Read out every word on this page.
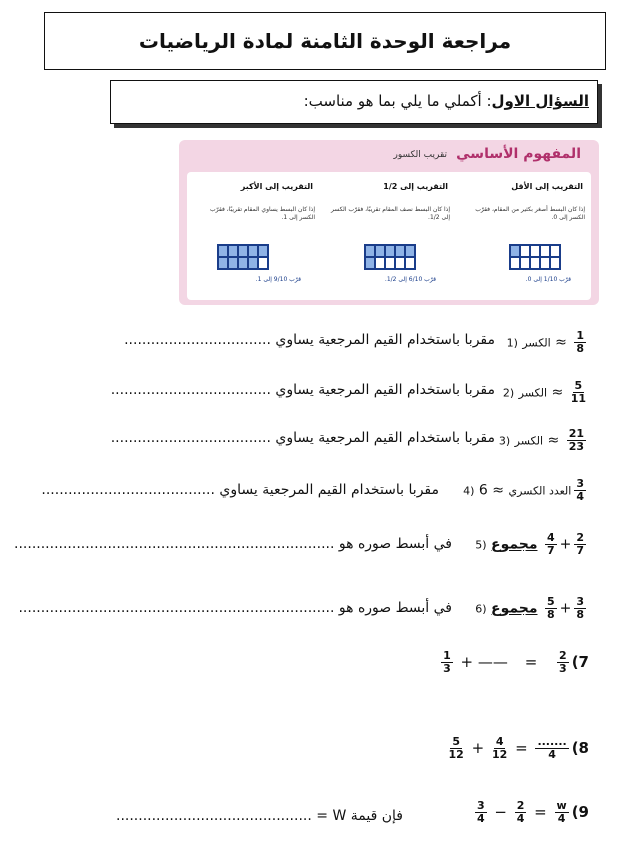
مراجعة الوحدة الثامنة لمادة الرياضيات
السؤال الاول: أكملي ما يلي بما هو مناسب:
المفهوم الأساسي
تقريب الكسور
التقريب إلى الأقل
إذا كان البسط أصغر بكثير من المقام، فقرّب الكسر إلى 0.
قرّب 1/10 إلى 0.
التقريب إلى 1/2
إذا كان البسط نصف المقام تقريبًا، فقرّب الكسر إلى 1/2.
قرّب 6/10 إلى 1/2.
التقريب إلى الأكبر
إذا كان البسط يساوي المقام تقريبًا، فقرّب الكسر إلى 1.
قرّب 9/10 إلى 1.
1) الكسر ≈ $\frac{1}{8}$
مقربا باستخدام القيم المرجعية يساوي .................................
2) الكسر ≈ $\frac{5}{11}$
مقربا باستخدام القيم المرجعية يساوي ....................................
3) الكسر ≈ $\frac{21}{23}$
مقربا باستخدام القيم المرجعية يساوي ....................................
4)	العدد الكسري ≈ 6	$\frac{3}{4}$
مقربا باستخدام القيم المرجعية يساوي .......................................
5) مجموع $\frac{4}{7} + \frac{2}{7}$
في أبسط صوره هو ........................................................................
6) مجموع $\frac{5}{8} + \frac{3}{8}$
في أبسط صوره هو .......................................................................
$\frac{1}{3}$ + —— = $\frac{2}{3} (7$
$\frac{5}{12} + \frac{4}{12} = \frac{.......}{4} (8$
$\frac{3}{4} - \frac{2}{4} = \frac{w}{4} (9$
............................................ = W فإن قيمة
